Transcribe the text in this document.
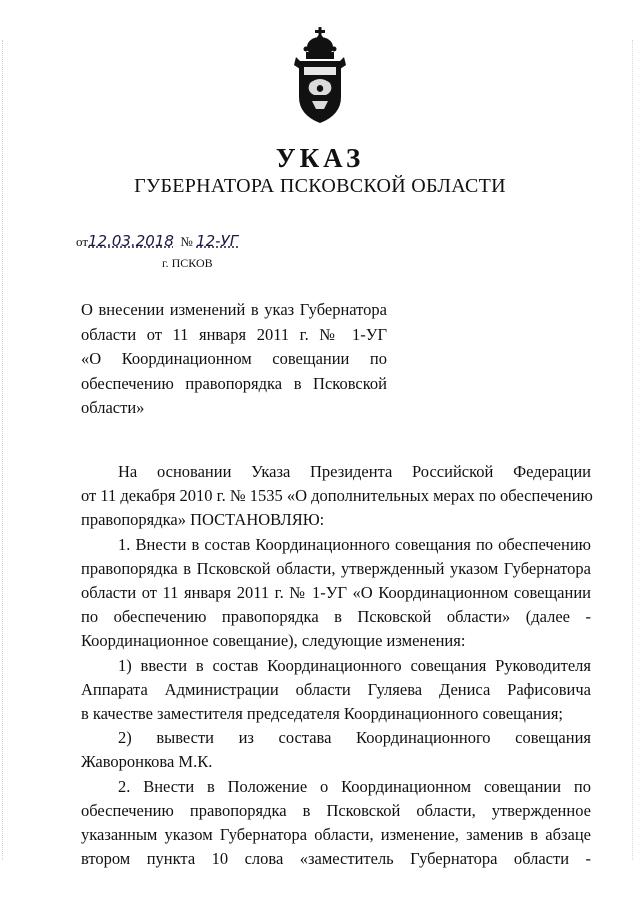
УКАЗ
ГУБЕРНАТОРА ПСКОВСКОЙ ОБЛАСТИ
от12.03.2018 № 12-УГ
г. ПСКОВ
О внесении изменений в указ Губернатора
области от 11 января 2011 г. № 1-УГ
«О Координационном совещании по
обеспечению правопорядка в Псковской
области»
На основании Указа Президента Российской Федерации
от 11 декабря 2010 г. № 1535 «О дополнительных мерах по обеспечению
правопорядка» ПОСТАНОВЛЯЮ:
1. Внести в состав Координационного совещания по обеспечению
правопорядка в Псковской области, утвержденный указом Губернатора
области от 11 января 2011 г. № 1-УГ «О Координационном совещании
по обеспечению правопорядка в Псковской области» (далее -
Координационное совещание), следующие изменения:
1) ввести в состав Координационного совещания Руководителя
Аппарата Администрации области Гуляева Дениса Рафисовича
в качестве заместителя председателя Координационного совещания;
2) вывести из состава Координационного совещания
Жаворонкова М.К.
2. Внести в Положение о Координационном совещании по
обеспечению правопорядка в Псковской области, утвержденное
указанным указом Губернатора области, изменение, заменив в абзаце
втором пункта 10 слова «заместитель Губернатора области -
